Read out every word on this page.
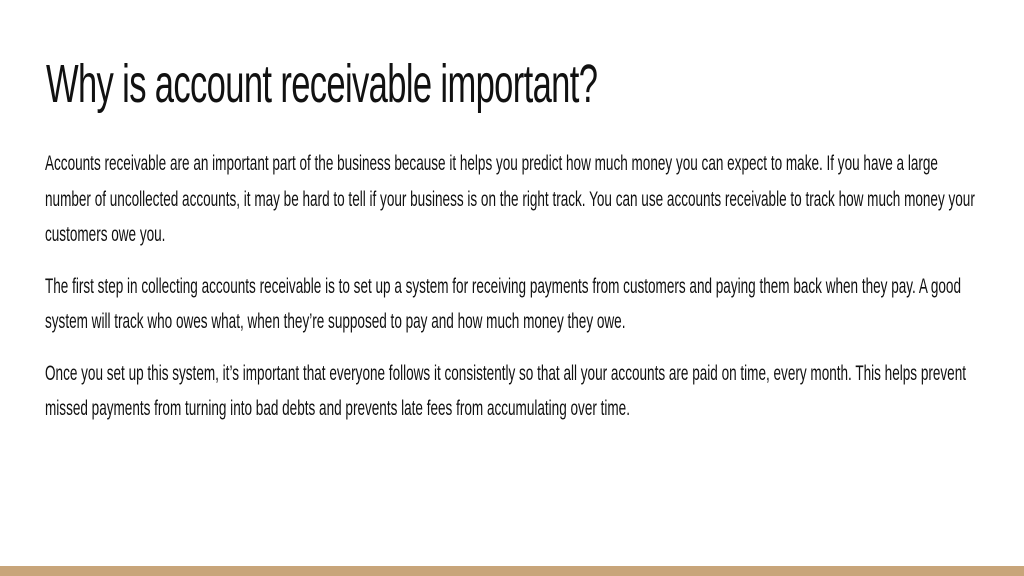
Why is account receivable important?

Accounts receivable are an important part of the business because it helps you predict how much money you can expect to make. If you have a large number of uncollected accounts, it may be hard to tell if your business is on the right track. You can use accounts receivable to track how much money your customers owe you.

The first step in collecting accounts receivable is to set up a system for receiving payments from customers and paying them back when they pay. A good system will track who owes what, when they’re supposed to pay and how much money they owe.

Once you set up this system, it’s important that everyone follows it consistently so that all your accounts are paid on time, every month. This helps prevent missed payments from turning into bad debts and prevents late fees from accumulating over time.
